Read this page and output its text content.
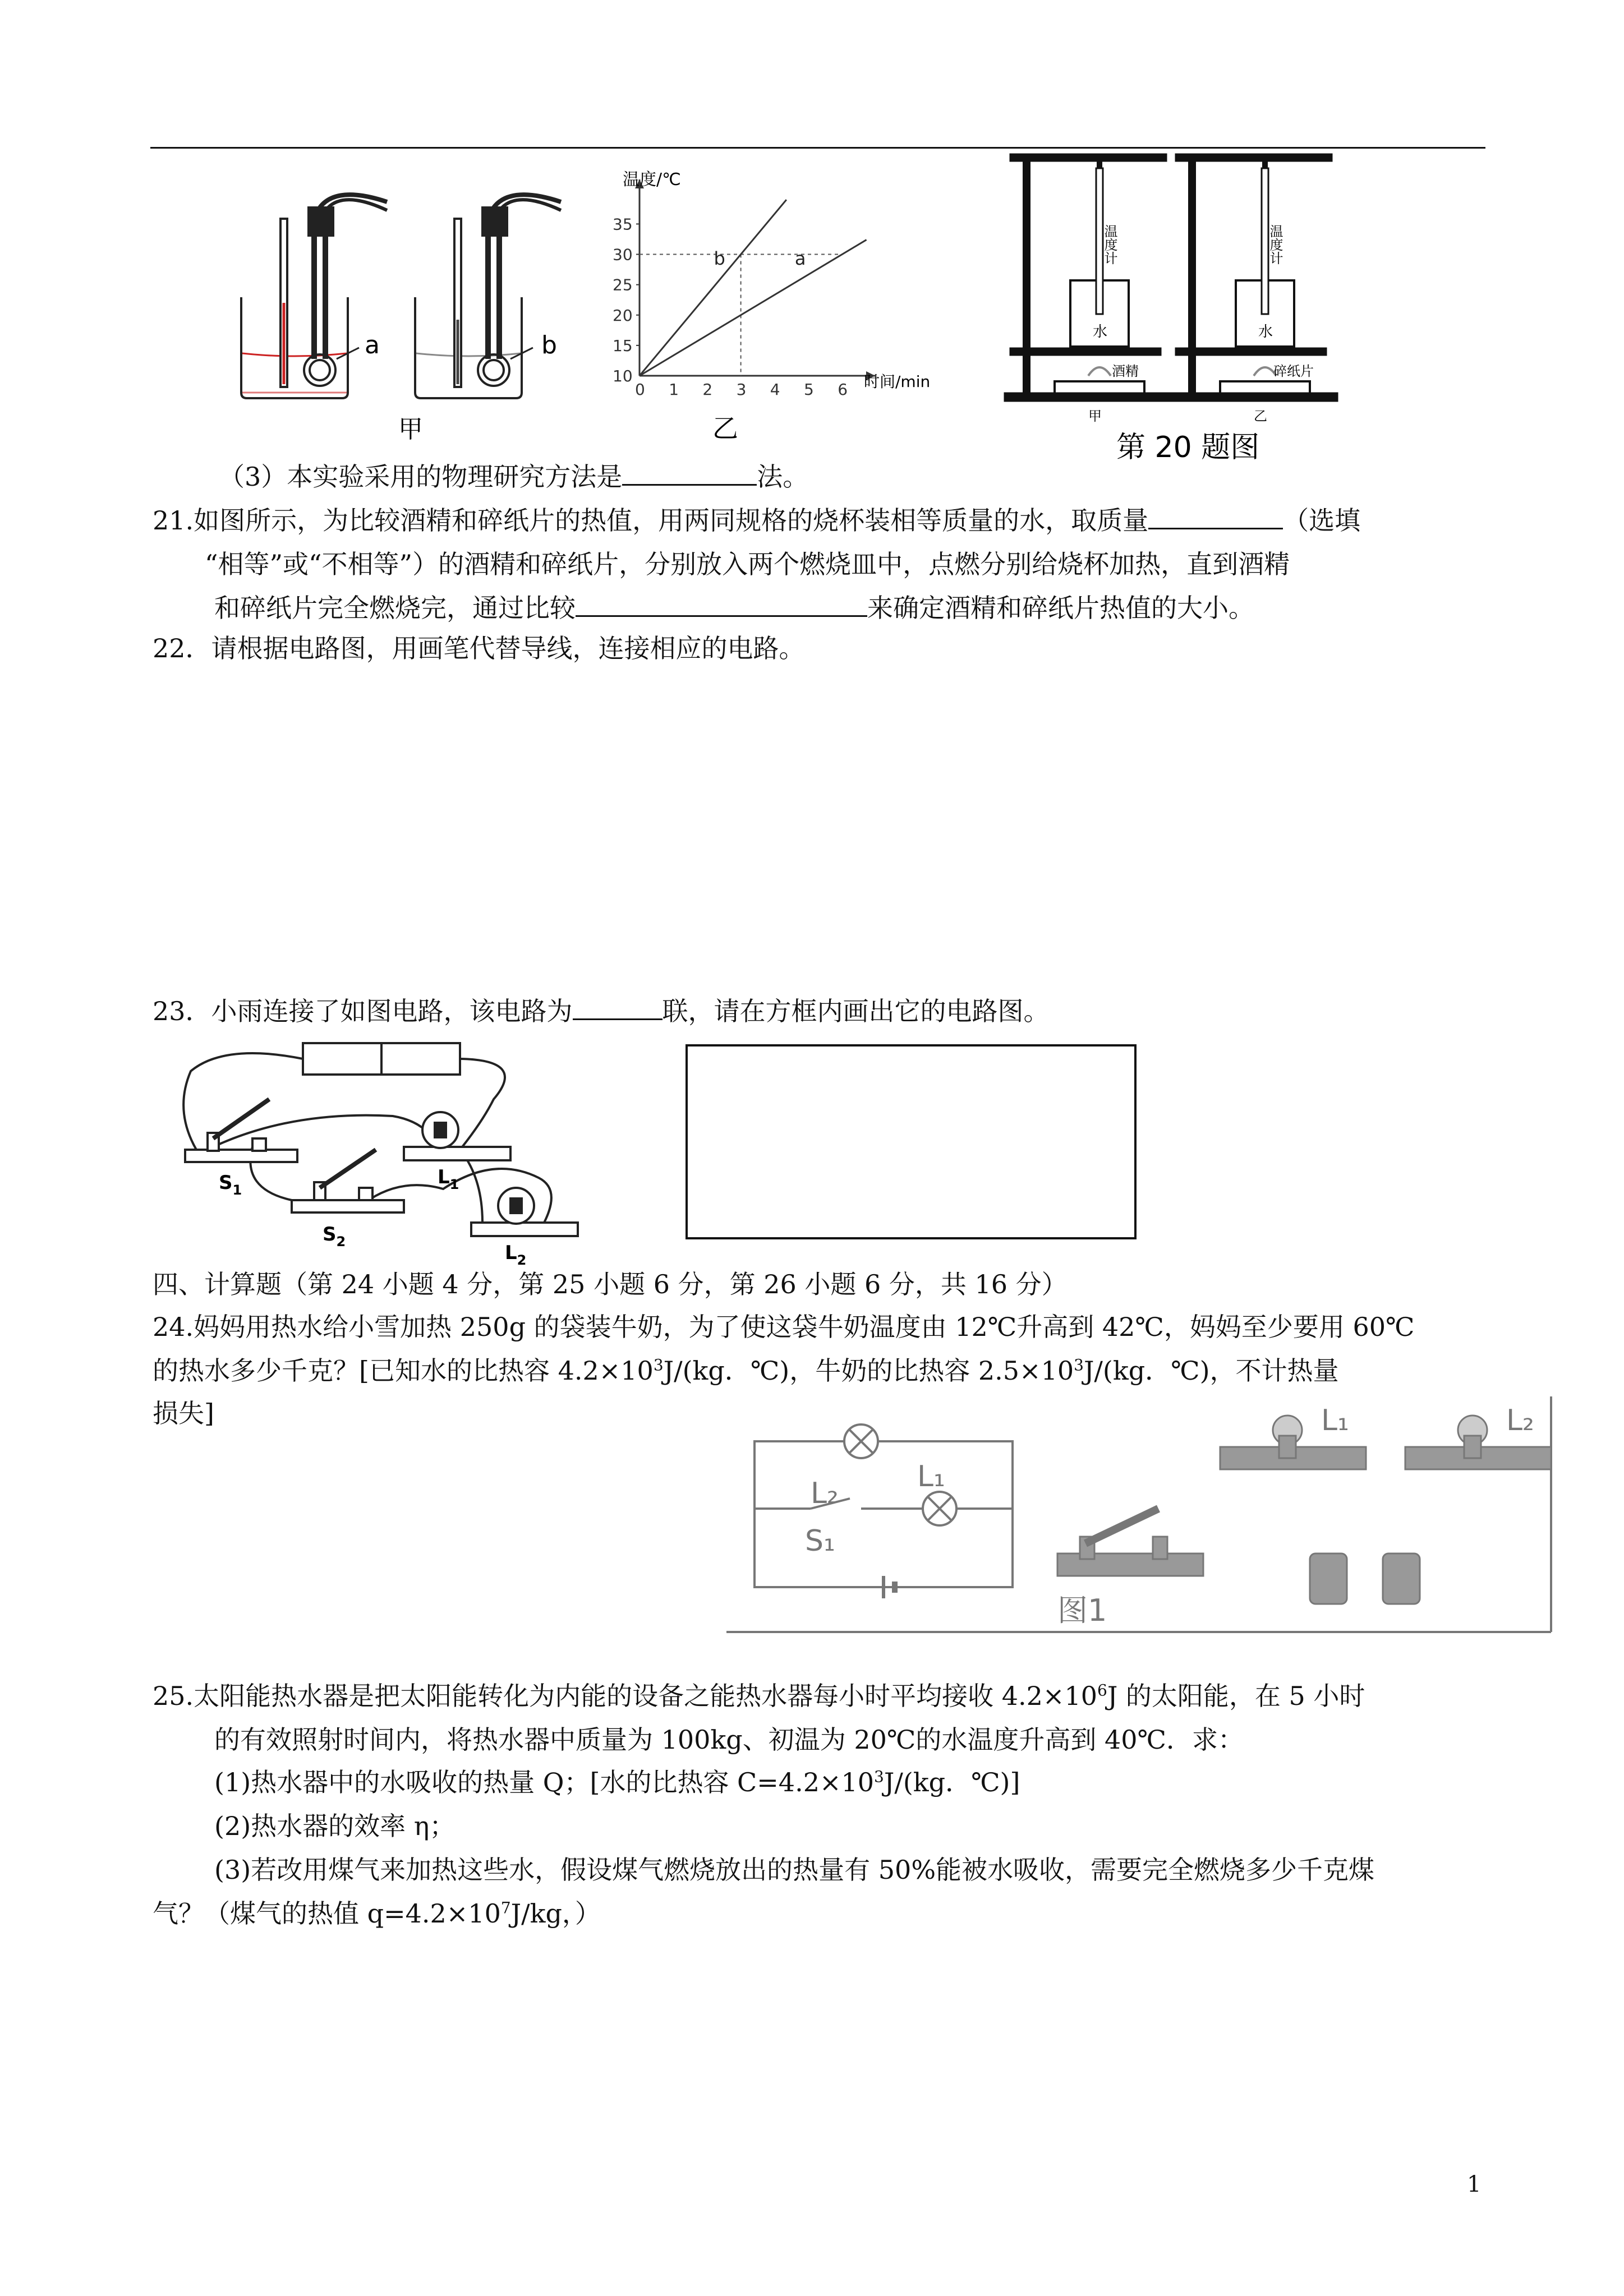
a	b
甲
0 1 2 3 4 5 6
10
15
20
25
30
35
a
b
温度/℃
时间/min
乙
温度计
水
酒精
甲
温度计
水
碎纸片
乙
第 20 题图
（3）本实验采用的物理研究方法是	法。
21.如图所示，为比较酒精和碎纸片的热值，用两同规格的烧杯装相等质量的水，取质量	（选填
“相等”或“不相等”）的酒精和碎纸片，分别放入两个燃烧皿中，点燃分别给烧杯加热，直到酒精
和碎纸片完全燃烧完，通过比较	来确定酒精和碎纸片热值的大小。
22．请根据电路图，用画笔代替导线，连接相应的电路。
23．小雨连接了如图电路，该电路为	联，请在方框内画出它的电路图。
$S_1$
$S_2$
$L_1$
$L_2$
四、计算题（第 24 小题 4 分，第 25 小题 6 分，第 26 小题 6 分，共 16 分）
24.妈妈用热水给小雪加热 250g 的袋装牛奶，为了使这袋牛奶温度由 12℃升高到 42℃，妈妈至少要用 60℃
的热水多少千克？[已知水的比热容 $4.2\times 10^3J/(kg$．℃)，牛奶的比热容 $2.5\times 10^3J/(kg$．℃)，不计热量
损失]
L₂	L₁
S₁
L₁	L₂
图1
25.太阳能热水器是把太阳能转化为内能的设备之能热水器每小时平均接收 $4.2\times 10^6J$ 的太阳能，在 5 小时
的有效照射时间内，将热水器中质量为 100kg、初温为 20℃的水温度升高到 40℃．求：
(1)热水器中的水吸收的热量 Q；[水的比热容 $C=4.2\times 10^3J/(kg$．℃)]
(2)热水器的效率 η；
(3)若改用煤气来加热这些水，假设煤气燃烧放出的热量有 50%能被水吸收，需要完全燃烧多少千克煤
气？（煤气的热值 $q=4.2\times 10^7J/kg$，）
1
